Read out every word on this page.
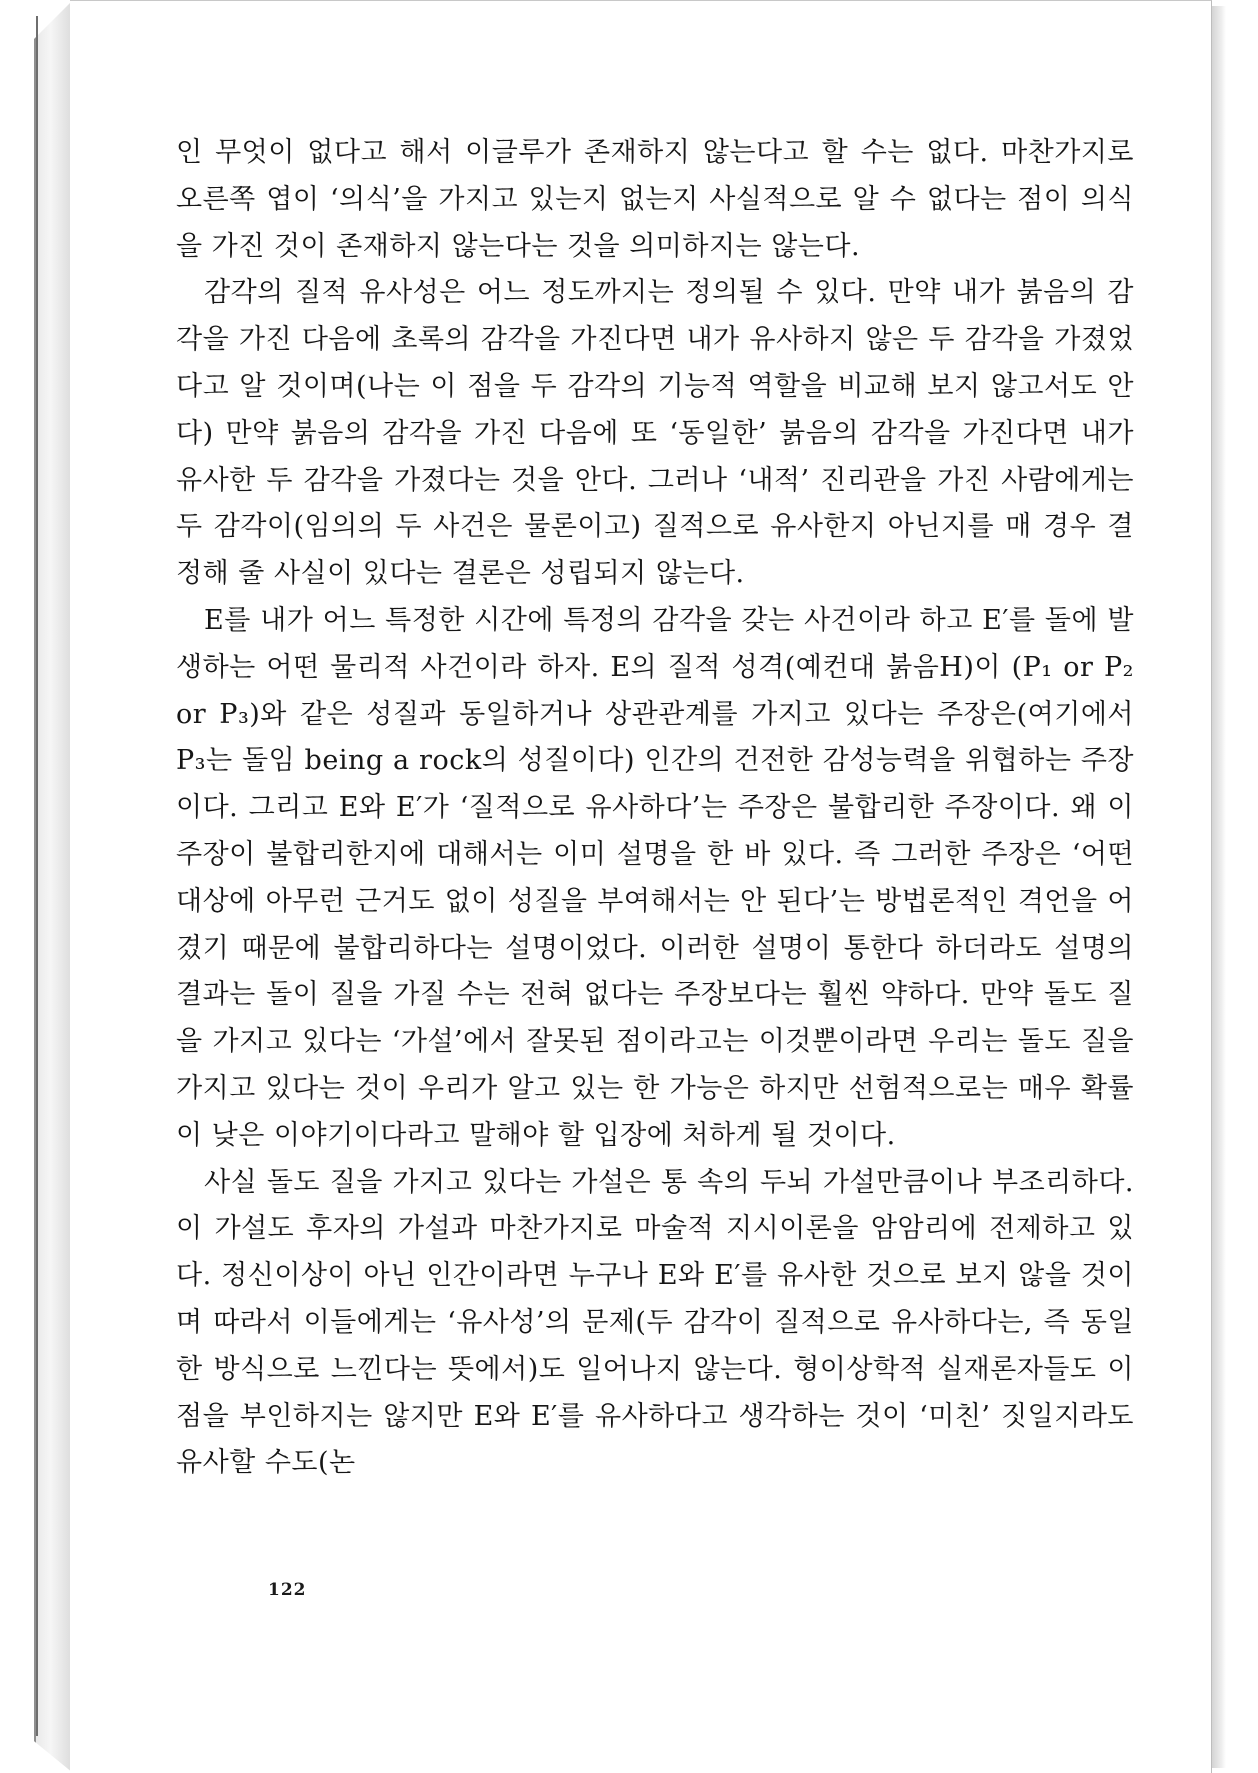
인 무엇이 없다고 해서 이글루가 존재하지 않는다고 할 수는 없다. 마찬가지로 오른쪽 엽이 ‘의식’을 가지고 있는지 없는지 사실적으로 알 수 없다는 점이 의식을 가진 것이 존재하지 않는다는 것을 의미하지는 않는다.

감각의 질적 유사성은 어느 정도까지는 정의될 수 있다. 만약 내가 붉음의 감각을 가진 다음에 초록의 감각을 가진다면 내가 유사하지 않은 두 감각을 가졌었다고 알 것이며(나는 이 점을 두 감각의 기능적 역할을 비교해 보지 않고서도 안다) 만약 붉음의 감각을 가진 다음에 또 ‘동일한’ 붉음의 감각을 가진다면 내가 유사한 두 감각을 가졌다는 것을 안다. 그러나 ‘내적’ 진리관을 가진 사람에게는 두 감각이(임의의 두 사건은 물론이고) 질적으로 유사한지 아닌지를 매 경우 결정해 줄 사실이 있다는 결론은 성립되지 않는다.

E를 내가 어느 특정한 시간에 특정의 감각을 갖는 사건이라 하고 E′를 돌에 발생하는 어떤 물리적 사건이라 하자. E의 질적 성격(예컨대 붉음H)이 (P₁ or P₂ or P₃)와 같은 성질과 동일하거나 상관관계를 가지고 있다는 주장은(여기에서 P₃는 돌임 being a rock의 성질이다) 인간의 건전한 감성능력을 위협하는 주장이다. 그리고 E와 E′가 ‘질적으로 유사하다’는 주장은 불합리한 주장이다. 왜 이 주장이 불합리한지에 대해서는 이미 설명을 한 바 있다. 즉 그러한 주장은 ‘어떤 대상에 아무런 근거도 없이 성질을 부여해서는 안 된다’는 방법론적인 격언을 어겼기 때문에 불합리하다는 설명이었다. 이러한 설명이 통한다 하더라도 설명의 결과는 돌이 질을 가질 수는 전혀 없다는 주장보다는 훨씬 약하다. 만약 돌도 질을 가지고 있다는 ‘가설’에서 잘못된 점이라고는 이것뿐이라면 우리는 돌도 질을 가지고 있다는 것이 우리가 알고 있는 한 가능은 하지만 선험적으로는 매우 확률이 낮은 이야기이다라고 말해야 할 입장에 처하게 될 것이다.

사실 돌도 질을 가지고 있다는 가설은 통 속의 두뇌 가설만큼이나 부조리하다. 이 가설도 후자의 가설과 마찬가지로 마술적 지시이론을 암암리에 전제하고 있다. 정신이상이 아닌 인간이라면 누구나 E와 E′를 유사한 것으로 보지 않을 것이며 따라서 이들에게는 ‘유사성’의 문제(두 감각이 질적으로 유사하다는, 즉 동일한 방식으로 느낀다는 뜻에서)도 일어나지 않는다. 형이상학적 실재론자들도 이 점을 부인하지는 않지만 E와 E′를 유사하다고 생각하는 것이 ‘미친’ 짓일지라도 유사할 수도(논

122
